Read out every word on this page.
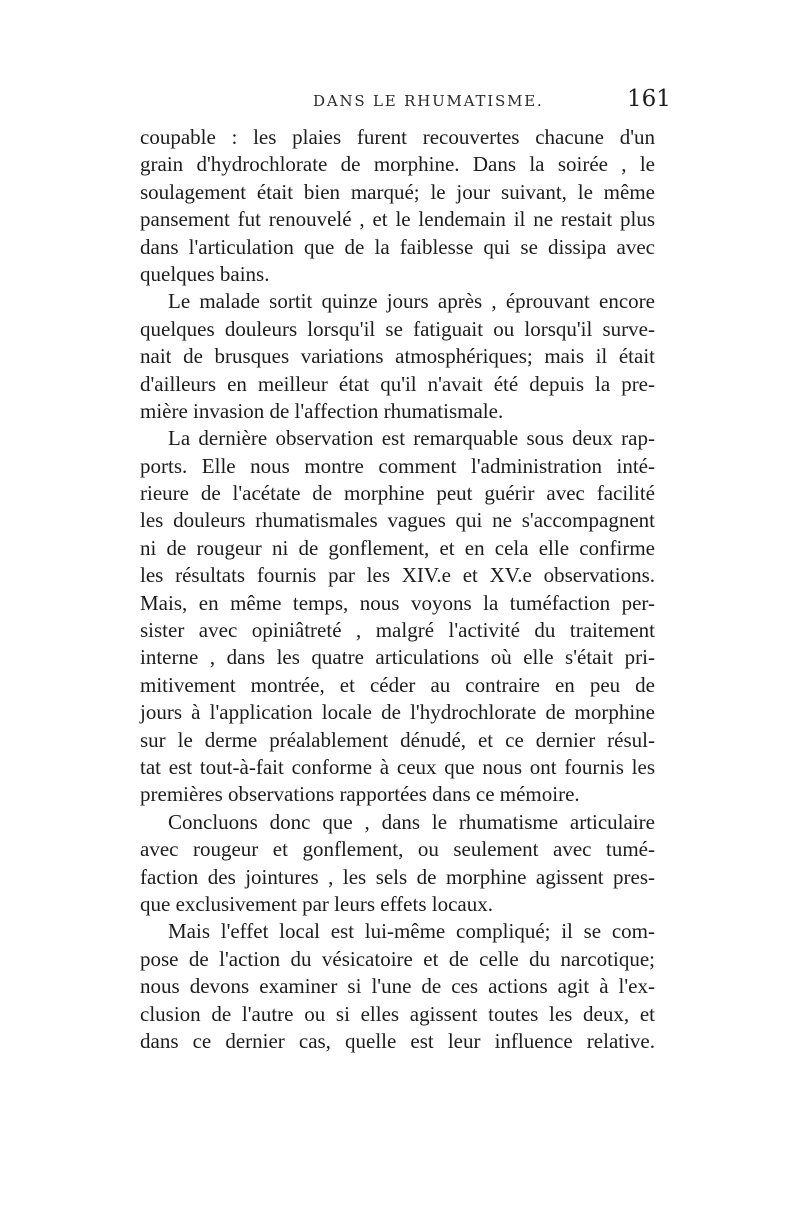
DANS LE RHUMATISME.	161
coupable : les plaies furent recouvertes chacune d'un
grain d'hydrochlorate de morphine. Dans la soirée , le
soulagement était bien marqué; le jour suivant, le même
pansement fut renouvelé , et le lendemain il ne restait plus
dans l'articulation que de la faiblesse qui se dissipa avec
quelques bains.
Le malade sortit quinze jours après , éprouvant encore
quelques douleurs lorsqu'il se fatiguait ou lorsqu'il surve-
nait de brusques variations atmosphériques; mais il était
d'ailleurs en meilleur état qu'il n'avait été depuis la pre-
mière invasion de l'affection rhumatismale.
La dernière observation est remarquable sous deux rap-
ports. Elle nous montre comment l'administration inté-
rieure de l'acétate de morphine peut guérir avec facilité
les douleurs rhumatismales vagues qui ne s'accompagnent
ni de rougeur ni de gonflement, et en cela elle confirme
les résultats fournis par les XIV.e et XV.e observations.
Mais, en même temps, nous voyons la tuméfaction per-
sister avec opiniâtreté , malgré l'activité du traitement
interne , dans les quatre articulations où elle s'était pri-
mitivement montrée, et céder au contraire en peu de
jours à l'application locale de l'hydrochlorate de morphine
sur le derme préalablement dénudé, et ce dernier résul-
tat est tout-à-fait conforme à ceux que nous ont fournis les
premières observations rapportées dans ce mémoire.
Concluons donc que , dans le rhumatisme articulaire
avec rougeur et gonflement, ou seulement avec tumé-
faction des jointures , les sels de morphine agissent pres-
que exclusivement par leurs effets locaux.
Mais l'effet local est lui-même compliqué; il se com-
pose de l'action du vésicatoire et de celle du narcotique;
nous devons examiner si l'une de ces actions agit à l'ex-
clusion de l'autre ou si elles agissent toutes les deux, et
dans ce dernier cas, quelle est leur influence relative.
